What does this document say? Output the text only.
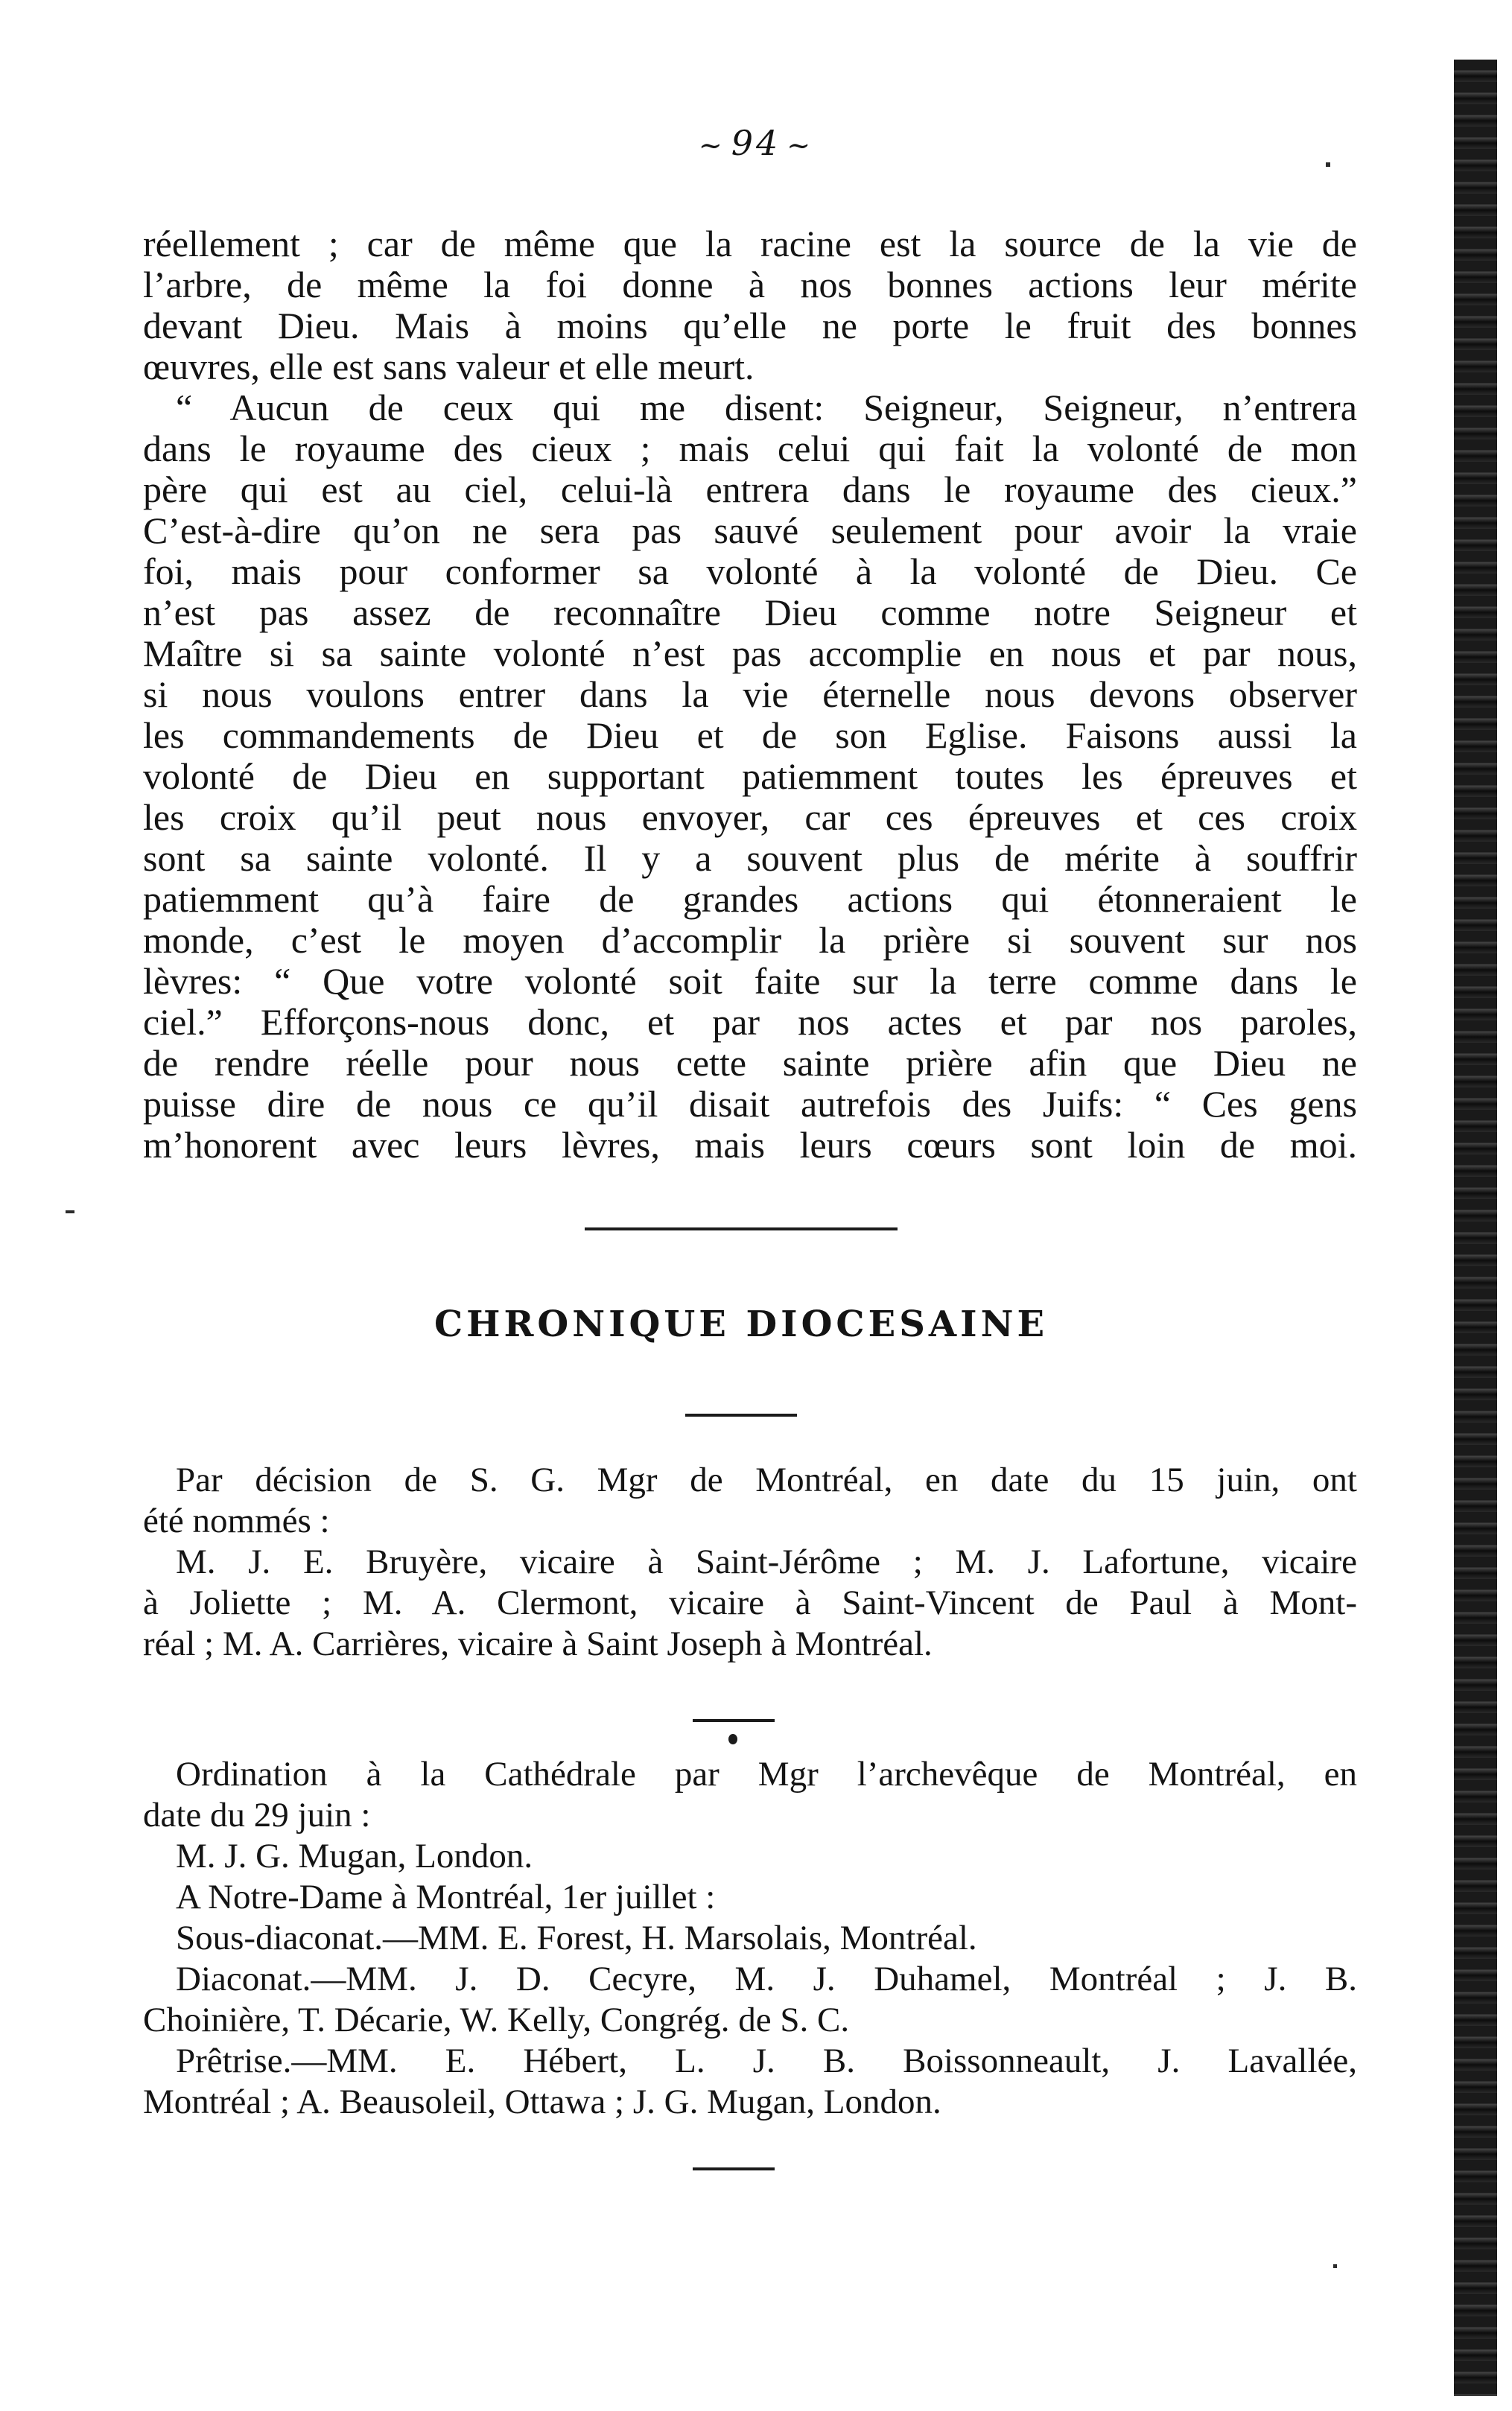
~ 94 ~
réellement ; car de même que la racine est la source de la vie de
l’arbre, de même la foi donne à nos bonnes actions leur mérite
devant Dieu. Mais à moins qu’elle ne porte le fruit des bonnes
œuvres, elle est sans valeur et elle meurt.
“ Aucun de ceux qui me disent: Seigneur, Seigneur, n’entrera
dans le royaume des cieux ; mais celui qui fait la volonté de mon
père qui est au ciel, celui-là entrera dans le royaume des cieux.”
C’est-à-dire qu’on ne sera pas sauvé seulement pour avoir la vraie
foi, mais pour conformer sa volonté à la volonté de Dieu. Ce
n’est pas assez de reconnaître Dieu comme notre Seigneur et
Maître si sa sainte volonté n’est pas accomplie en nous et par nous,
si nous voulons entrer dans la vie éternelle nous devons observer
les commandements de Dieu et de son Eglise. Faisons aussi la
volonté de Dieu en supportant patiemment toutes les épreuves et
les croix qu’il peut nous envoyer, car ces épreuves et ces croix
sont sa sainte volonté. Il y a souvent plus de mérite à souffrir
patiemment qu’à faire de grandes actions qui étonneraient le
monde, c’est le moyen d’accomplir la prière si souvent sur nos
lèvres: “ Que votre volonté soit faite sur la terre comme dans le
ciel.” Efforçons-nous donc, et par nos actes et par nos paroles,
de rendre réelle pour nous cette sainte prière afin que Dieu ne
puisse dire de nous ce qu’il disait autrefois des Juifs: “ Ces gens
m’honorent avec leurs lèvres, mais leurs cœurs sont loin de moi.
CHRONIQUE DIOCESAINE
Par décision de S. G. Mgr de Montréal, en date du 15 juin, ont
été nommés :
M. J. E. Bruyère, vicaire à Saint-Jérôme ; M. J. Lafortune, vicaire
à Joliette ; M. A. Clermont, vicaire à Saint-Vincent de Paul à Mont-
réal ; M. A. Carrières, vicaire à Saint Joseph à Montréal.
Ordination à la Cathédrale par Mgr l’archevêque de Montréal, en
date du 29 juin :
M. J. G. Mugan, London.
A Notre-Dame à Montréal, 1er juillet :
Sous-diaconat.—MM. E. Forest, H. Marsolais, Montréal.
Diaconat.—MM. J. D. Cecyre, M. J. Duhamel, Montréal ; J. B.
Choinière, T. Décarie, W. Kelly, Congrég. de S. C.
Prêtrise.—MM. E. Hébert, L. J. B. Boissonneault, J. Lavallée,
Montréal ; A. Beausoleil, Ottawa ; J. G. Mugan, London.
